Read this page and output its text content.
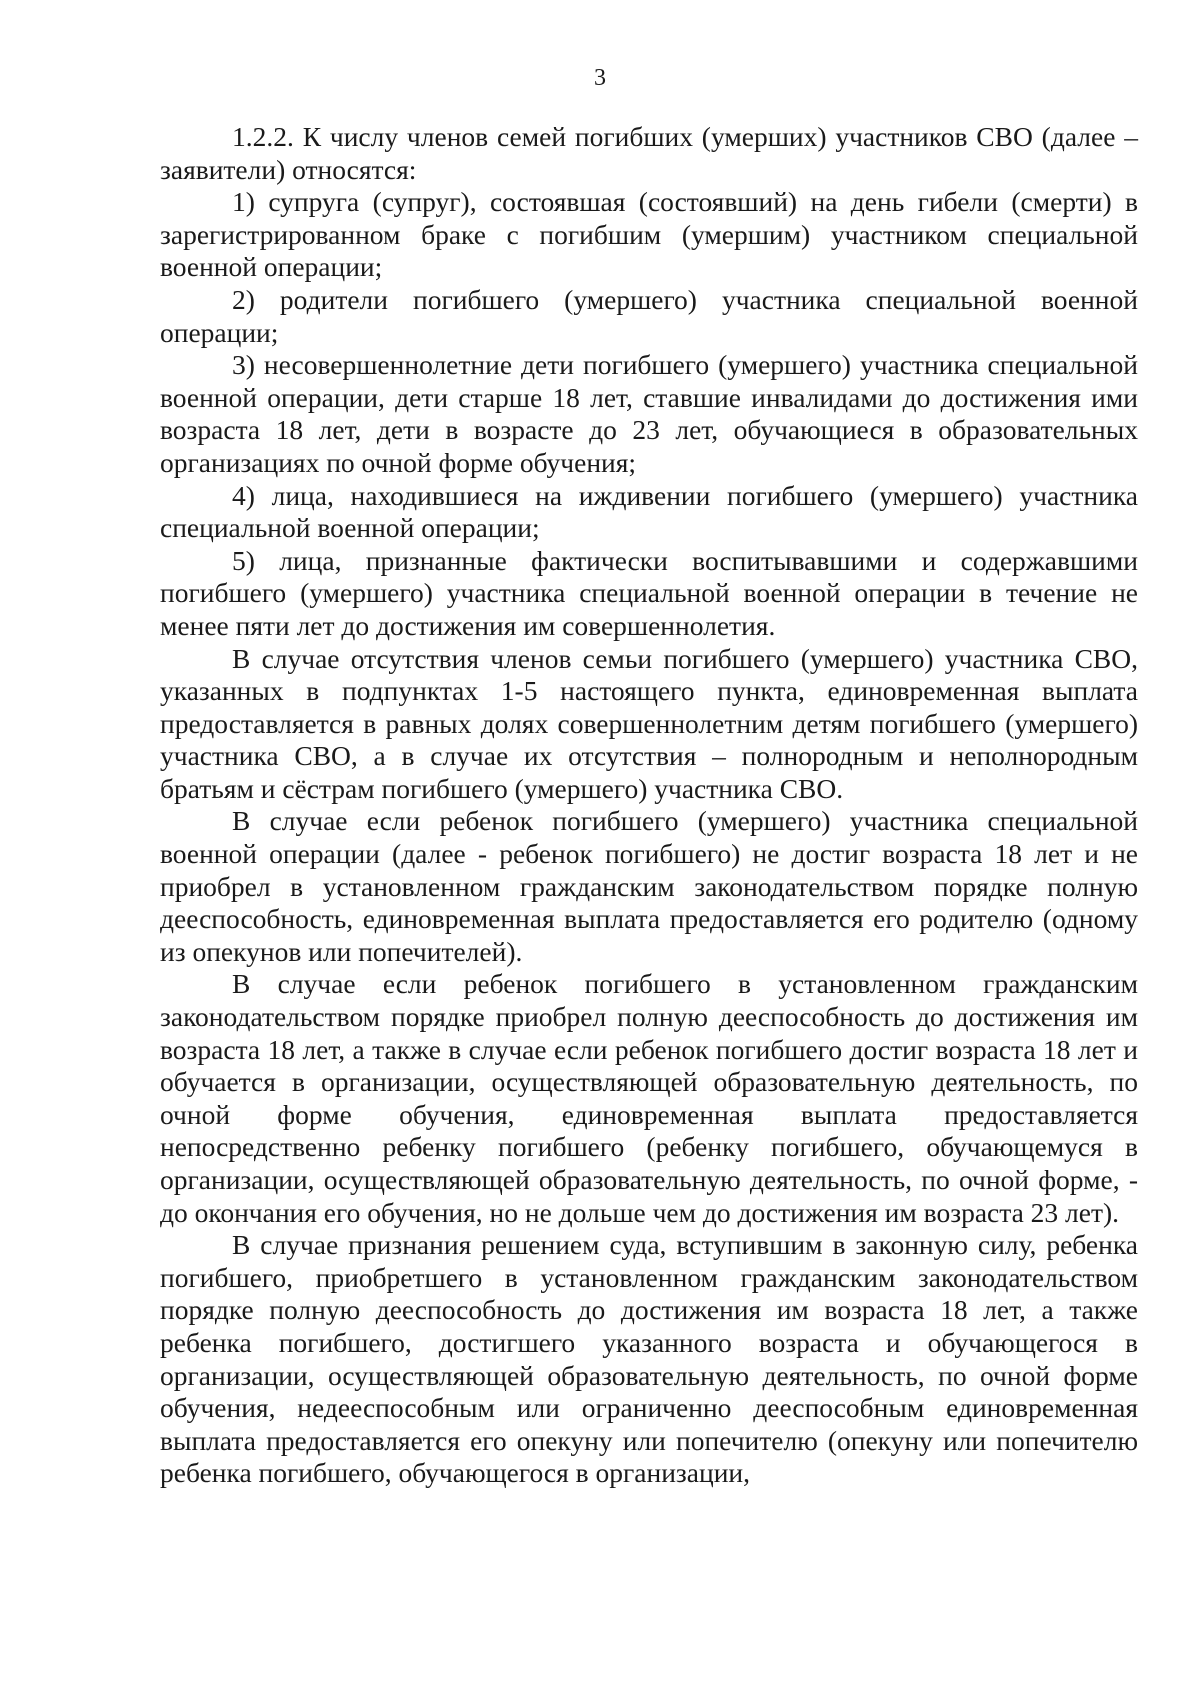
3

1.2.2. К числу членов семей погибших (умерших) участников СВО (далее – заявители) относятся:

1) супруга (супруг), состоявшая (состоявший) на день гибели (смерти) в зарегистрированном браке с погибшим (умершим) участником специальной военной операции;

2) родители погибшего (умершего) участника специальной военной операции;

3) несовершеннолетние дети погибшего (умершего) участника специальной военной операции, дети старше 18 лет, ставшие инвалидами до достижения ими возраста 18 лет, дети в возрасте до 23 лет, обучающиеся в образовательных организациях по очной форме обучения;

4) лица, находившиеся на иждивении погибшего (умершего) участника специальной военной операции;

5) лица, признанные фактически воспитывавшими и содержавшими погибшего (умершего) участника специальной военной операции в течение не менее пяти лет до достижения им совершеннолетия.

В случае отсутствия членов семьи погибшего (умершего) участника СВО, указанных в подпунктах 1-5 настоящего пункта, единовременная выплата предоставляется в равных долях совершеннолетним детям погибшего (умершего) участника СВО, а в случае их отсутствия – полнородным и неполнородным братьям и сёстрам погибшего (умершего) участника СВО.

В случае если ребенок погибшего (умершего) участника специальной военной операции (далее - ребенок погибшего) не достиг возраста 18 лет и не приобрел в установленном гражданским законодательством порядке полную дееспособность, единовременная выплата предоставляется его родителю (одному из опекунов или попечителей).

В случае если ребенок погибшего в установленном гражданским законодательством порядке приобрел полную дееспособность до достижения им возраста 18 лет, а также в случае если ребенок погибшего достиг возраста 18 лет и обучается в организации, осуществляющей образовательную деятельность, по очной форме обучения, единовременная выплата предоставляется непосредственно ребенку погибшего (ребенку погибшего, обучающемуся в организации, осуществляющей образовательную деятельность, по очной форме, - до окончания его обучения, но не дольше чем до достижения им возраста 23 лет).

В случае признания решением суда, вступившим в законную силу, ребенка погибшего, приобретшего в установленном гражданским законодательством порядке полную дееспособность до достижения им возраста 18 лет, а также ребенка погибшего, достигшего указанного возраста и обучающегося в организации, осуществляющей образовательную деятельность, по очной форме обучения, недееспособным или ограниченно дееспособным единовременная выплата предоставляется его опекуну или попечителю (опекуну или попечителю ребенка погибшего, обучающегося в организации,
